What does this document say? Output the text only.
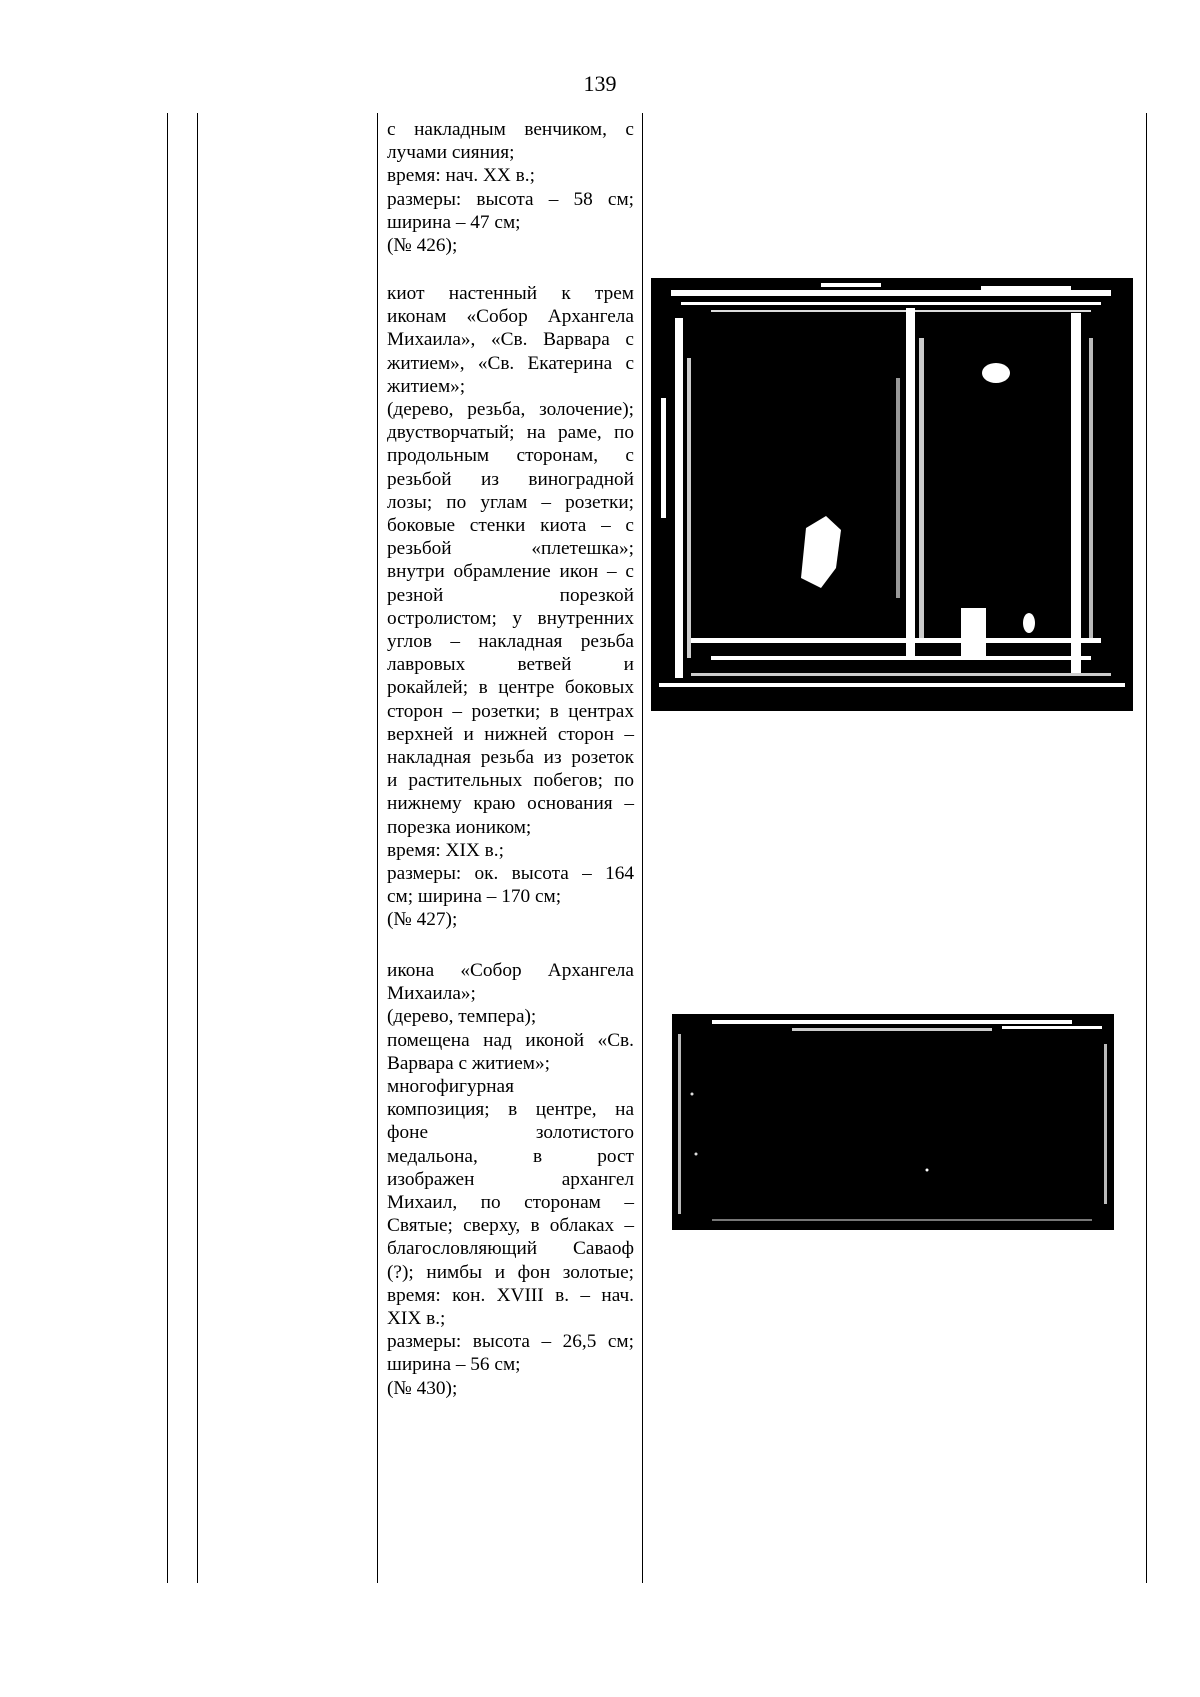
139
с накладным венчиком, с
лучами сияния;
время: нач. XX в.;
размеры: высота – 58 см;
ширина – 47 см;
(№ 426);
киот настенный к трем
иконам «Собор Архангела
Михаила», «Св. Варвара с
житием», «Св. Екатерина с
житием»;
(дерево, резьба, золочение);
двустворчатый; на раме, по
продольным сторонам, с
резьбой из виноградной
лозы; по углам – розетки;
боковые стенки киота – с
резьбой «плетешка»;
внутри обрамление икон – с
резной порезкой
остролистом; у внутренних
углов – накладная резьба
лавровых ветвей и
рокайлей; в центре боковых
сторон – розетки; в центрах
верхней и нижней сторон –
накладная резьба из розеток
и растительных побегов; по
нижнему краю основания –
порезка иоником;
время: XIX в.;
размеры: ок. высота – 164
см; ширина – 170 см;
(№ 427);
икона «Собор Архангела
Михаила»;
(дерево, темпера);
помещена над иконой «Св.
Варвара с житием»;
многофигурная
композиция; в центре, на
фоне золотистого
медальона, в рост
изображен архангел
Михаил, по сторонам –
Святые; сверху, в облаках –
благословляющий Саваоф
(?); нимбы и фон золотые;
время: кон. XVIII в. – нач.
XIX в.;
размеры: высота – 26,5 см;
ширина – 56 см;
(№ 430);
